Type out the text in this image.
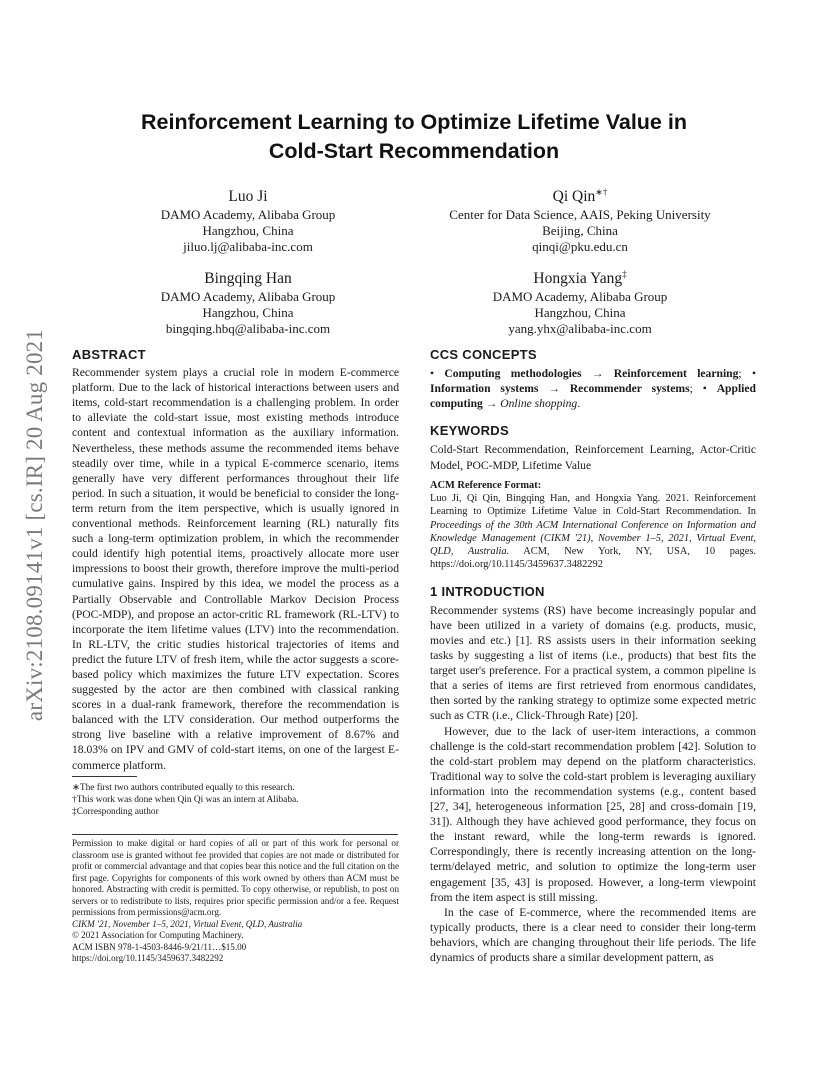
arXiv:2108.09141v1 [cs.IR] 20 Aug 2021
Reinforcement Learning to Optimize Lifetime Value in
Cold-Start Recommendation
Luo Ji
DAMO Academy, Alibaba Group
Hangzhou, China
jiluo.lj@alibaba-inc.com
Qi Qin∗†
Center for Data Science, AAIS, Peking University
Beijing, China
qinqi@pku.edu.cn
Bingqing Han
DAMO Academy, Alibaba Group
Hangzhou, China
bingqing.hbq@alibaba-inc.com
Hongxia Yang‡
DAMO Academy, Alibaba Group
Hangzhou, China
yang.yhx@alibaba-inc.com
ABSTRACT

Recommender system plays a crucial role in modern E-commerce platform. Due to the lack of historical interactions between users and items, cold-start recommendation is a challenging problem. In order to alleviate the cold-start issue, most existing methods introduce content and contextual information as the auxiliary information. Nevertheless, these methods assume the recommended items behave steadily over time, while in a typical E-commerce scenario, items generally have very different performances throughout their life period. In such a situation, it would be beneficial to consider the long-term return from the item perspective, which is usually ignored in conventional methods. Reinforcement learning (RL) naturally fits such a long-term optimization problem, in which the recommender could identify high potential items, proactively allocate more user impressions to boost their growth, therefore improve the multi-period cumulative gains. Inspired by this idea, we model the process as a Partially Observable and Controllable Markov Decision Process (POC-MDP), and propose an actor-critic RL framework (RL-LTV) to incorporate the item lifetime values (LTV) into the recommendation. In RL-LTV, the critic studies historical trajectories of items and predict the future LTV of fresh item, while the actor suggests a score-based policy which maximizes the future LTV expectation. Scores suggested by the actor are then combined with classical ranking scores in a dual-rank framework, therefore the recommendation is balanced with the LTV consideration. Our method outperforms the strong live baseline with a relative improvement of 8.67% and 18.03% on IPV and GMV of cold-start items, on one of the largest E-commerce platform.

∗The first two authors contributed equally to this research.
†This work was done when Qin Qi was an intern at Alibaba.
‡Corresponding author

Permission to make digital or hard copies of all or part of this work for personal or classroom use is granted without fee provided that copies are not made or distributed for profit or commercial advantage and that copies bear this notice and the full citation on the first page. Copyrights for components of this work owned by others than ACM must be honored. Abstracting with credit is permitted. To copy otherwise, or republish, to post on servers or to redistribute to lists, requires prior specific permission and/or a fee. Request permissions from permissions@acm.org.

CIKM '21, November 1–5, 2021, Virtual Event, QLD, Australia
© 2021 Association for Computing Machinery.
ACM ISBN 978-1-4503-8446-9/21/11…$15.00
https://doi.org/10.1145/3459637.3482292
CCS CONCEPTS

• Computing methodologies → Reinforcement learning; • Information systems → Recommender systems; • Applied computing → Online shopping.

KEYWORDS

Cold-Start Recommendation, Reinforcement Learning, Actor-Critic Model, POC-MDP, Lifetime Value

ACM Reference Format:

Luo Ji, Qi Qin, Bingqing Han, and Hongxia Yang. 2021. Reinforcement Learning to Optimize Lifetime Value in Cold-Start Recommendation. In Proceedings of the 30th ACM International Conference on Information and Knowledge Management (CIKM '21), November 1–5, 2021, Virtual Event, QLD, Australia. ACM, New York, NY, USA, 10 pages. https://doi.org/10.1145/3459637.3482292

1 INTRODUCTION

Recommender systems (RS) have become increasingly popular and have been utilized in a variety of domains (e.g. products, music, movies and etc.) [1]. RS assists users in their information seeking tasks by suggesting a list of items (i.e., products) that best fits the target user's preference. For a practical system, a common pipeline is that a series of items are first retrieved from enormous candidates, then sorted by the ranking strategy to optimize some expected metric such as CTR (i.e., Click-Through Rate) [20].

However, due to the lack of user-item interactions, a common challenge is the cold-start recommendation problem [42]. Solution to the cold-start problem may depend on the platform characteristics. Traditional way to solve the cold-start problem is leveraging auxiliary information into the recommendation systems (e.g., content based [27, 34], heterogeneous information [25, 28] and cross-domain [19, 31]). Although they have achieved good performance, they focus on the instant reward, while the long-term rewards is ignored. Correspondingly, there is recently increasing attention on the long-term/delayed metric, and solution to optimize the long-term user engagement [35, 43] is proposed. However, a long-term viewpoint from the item aspect is still missing.

In the case of E-commerce, where the recommended items are typically products, there is a clear need to consider their long-term behaviors, which are changing throughout their life periods. The life dynamics of products share a similar development pattern, as
